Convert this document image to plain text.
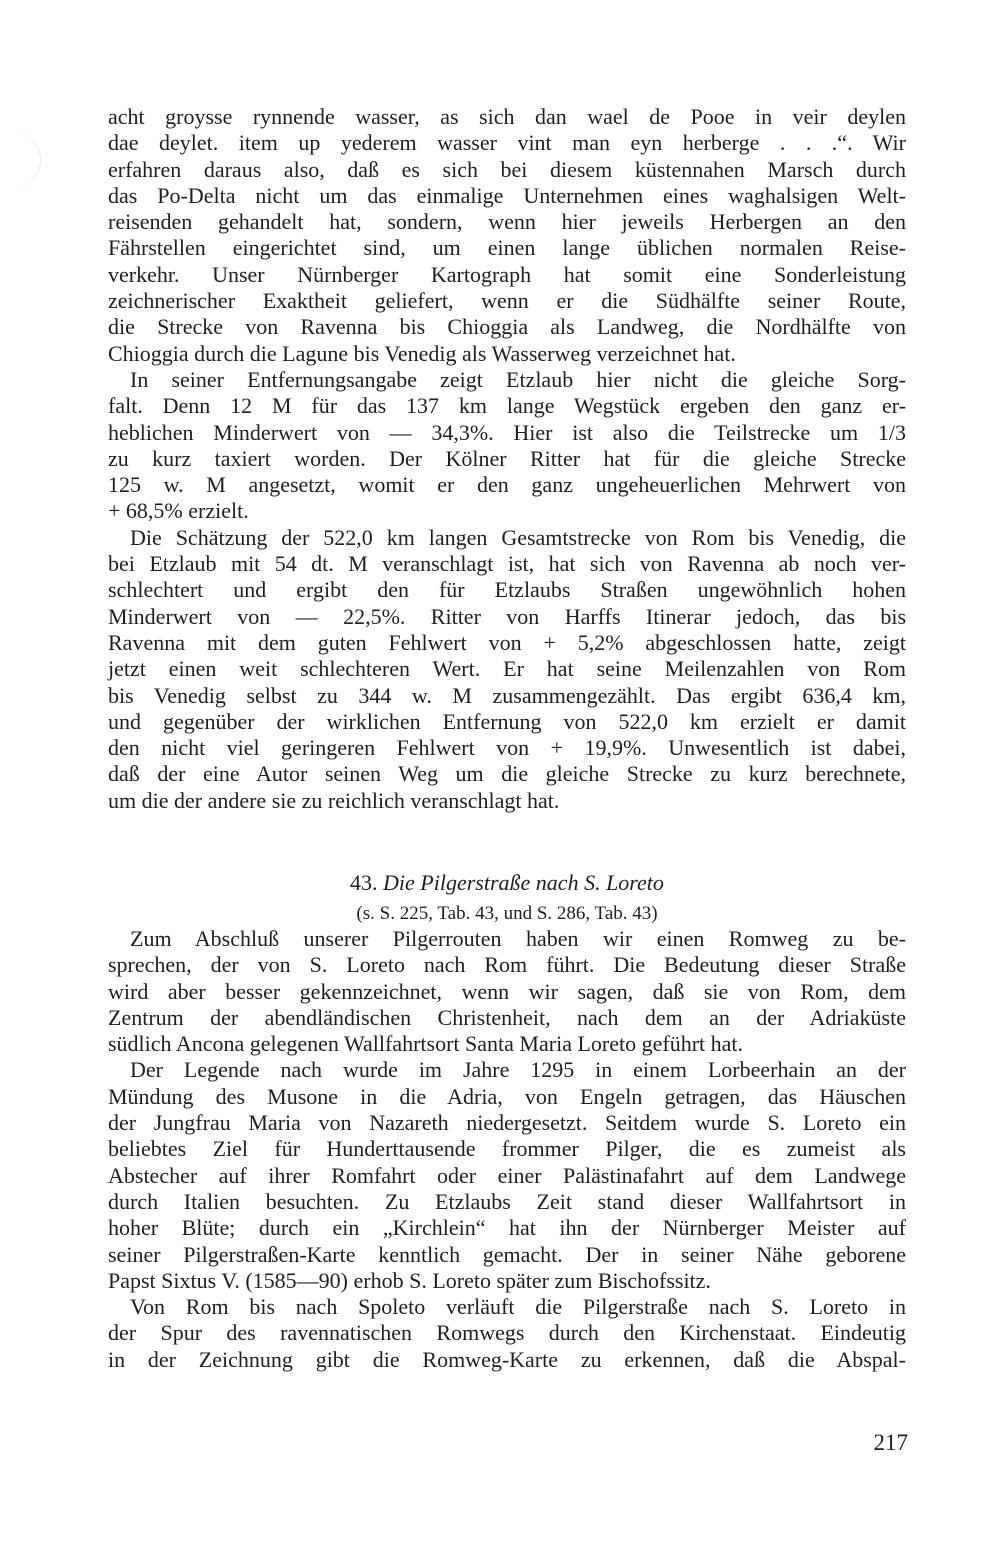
acht groysse rynnende wasser, as sich dan wael de Pooe in veir deylen
dae deylet. item up yederem wasser vint man eyn herberge . . .“. Wir
erfahren daraus also, daß es sich bei diesem küstennahen Marsch durch
das Po-Delta nicht um das einmalige Unternehmen eines waghalsigen Welt-
reisenden gehandelt hat, sondern, wenn hier jeweils Herbergen an den
Fährstellen eingerichtet sind, um einen lange üblichen normalen Reise-
verkehr. Unser Nürnberger Kartograph hat somit eine Sonderleistung
zeichnerischer Exaktheit geliefert, wenn er die Südhälfte seiner Route,
die Strecke von Ravenna bis Chioggia als Landweg, die Nordhälfte von
Chioggia durch die Lagune bis Venedig als Wasserweg verzeichnet hat.
In seiner Entfernungsangabe zeigt Etzlaub hier nicht die gleiche Sorg-
falt. Denn 12 M für das 137 km lange Wegstück ergeben den ganz er-
heblichen Minderwert von — 34,3%. Hier ist also die Teilstrecke um 1/3
zu kurz taxiert worden. Der Kölner Ritter hat für die gleiche Strecke
125 w. M angesetzt, womit er den ganz ungeheuerlichen Mehrwert von
+ 68,5% erzielt.
Die Schätzung der 522,0 km langen Gesamtstrecke von Rom bis Venedig, die
bei Etzlaub mit 54 dt. M veranschlagt ist, hat sich von Ravenna ab noch ver-
schlechtert und ergibt den für Etzlaubs Straßen ungewöhnlich hohen
Minderwert von — 22,5%. Ritter von Harffs Itinerar jedoch, das bis
Ravenna mit dem guten Fehlwert von + 5,2% abgeschlossen hatte, zeigt
jetzt einen weit schlechteren Wert. Er hat seine Meilenzahlen von Rom
bis Venedig selbst zu 344 w. M zusammengezählt. Das ergibt 636,4 km,
und gegenüber der wirklichen Entfernung von 522,0 km erzielt er damit
den nicht viel geringeren Fehlwert von + 19,9%. Unwesentlich ist dabei,
daß der eine Autor seinen Weg um die gleiche Strecke zu kurz berechnete,
um die der andere sie zu reichlich veranschlagt hat.
43. Die Pilgerstraße nach S. Loreto
(s. S. 225, Tab. 43, und S. 286, Tab. 43)
Zum Abschluß unserer Pilgerrouten haben wir einen Romweg zu be-
sprechen, der von S. Loreto nach Rom führt. Die Bedeutung dieser Straße
wird aber besser gekennzeichnet, wenn wir sagen, daß sie von Rom, dem
Zentrum der abendländischen Christenheit, nach dem an der Adriaküste
südlich Ancona gelegenen Wallfahrtsort Santa Maria Loreto geführt hat.
Der Legende nach wurde im Jahre 1295 in einem Lorbeerhain an der
Mündung des Musone in die Adria, von Engeln getragen, das Häuschen
der Jungfrau Maria von Nazareth niedergesetzt. Seitdem wurde S. Loreto ein
beliebtes Ziel für Hunderttausende frommer Pilger, die es zumeist als
Abstecher auf ihrer Romfahrt oder einer Palästinafahrt auf dem Landwege
durch Italien besuchten. Zu Etzlaubs Zeit stand dieser Wallfahrtsort in
hoher Blüte; durch ein „Kirchlein“ hat ihn der Nürnberger Meister auf
seiner Pilgerstraßen-Karte kenntlich gemacht. Der in seiner Nähe geborene
Papst Sixtus V. (1585—90) erhob S. Loreto später zum Bischofssitz.
Von Rom bis nach Spoleto verläuft die Pilgerstraße nach S. Loreto in
der Spur des ravennatischen Romwegs durch den Kirchenstaat. Eindeutig
in der Zeichnung gibt die Romweg-Karte zu erkennen, daß die Abspal-
217
